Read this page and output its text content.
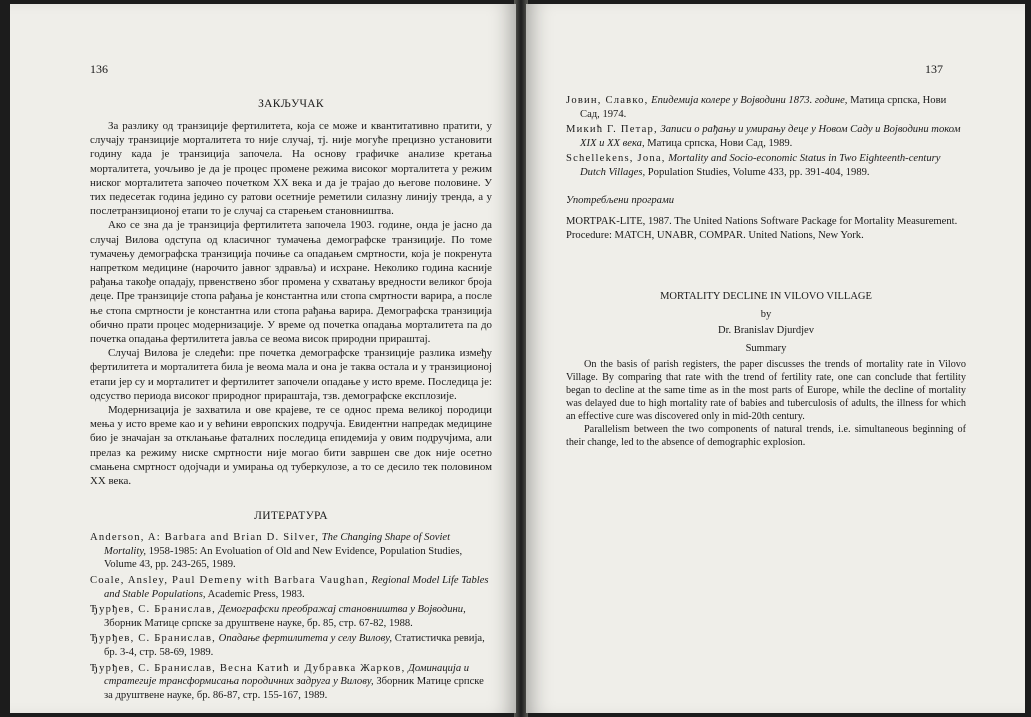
136
ЗАКЉУЧАК

За разлику од транзиције фертилитета, која се може и квантитативно пратити, у случају транзиције морталитета то није случај, тј. није могуће прецизно установити годину када је транзиција започела. На основу графичке анализе кретања морталитета, уочљиво је да је процес промене режима високог морталитета у режим ниског морталитета започео почетком XX века и да је трајао до његове половине. У тих педесетак година једино су ратови осетније реметили силазну линију тренда, а у послетранзиционој етапи то је случај са старењем становништва.

Ако се зна да је транзиција фертилитета започела 1903. године, онда је јасно да случај Вилова одступа од класичног тумачења демографске транзиције. По томе тумачењу демографска транзиција почиње са опадањем смртности, која је покренута напретком медицине (нарочито јавног здравља) и исхране. Неколико година касније рађања такође опадају, првенствено због промена у схватању вредности великог броја деце. Пре транзиције стопа рађања је константна или стопа смртности варира, а после ње стопа смртности је константна или стопа рађања варира. Демографска транзиција обично прати процес модернизације. У време од почетка опадања морталитета па до почетка опадања фертилитета јавља се веома висок природни прираштај.

Случај Вилова је следећи: пре почетка демографске транзиције разлика између фертилитета и морталитета била је веома мала и она је таква остала и у транзиционој етапи јер су и морталитет и фертилитет започели опадање у исто време. Последица је: одсуство периода високог природног прираштаја, тзв. демографске експлозије.

Модернизација је захватила и ове крајеве, те се однос према великој породици мења у исто време као и у већини европских подручја. Евидентни напредак медицине био је значајан за отклањање фаталних последица епидемија у овим подручјима, али прелаз ка режиму ниске смртности није могао бити завршен све док није осетно смањена смртност одојчади и умирања од туберкулозе, а то се десило тек половином XX века.

ЛИТЕРАТУРА
Anderson, A: Barbara and Brian D. Silver, The Changing Shape of Soviet Mortality, 1958-1985: An Evoluation of Old and New Evidence, Population Studies, Volume 43, pp. 243-265, 1989.
Coale, Ansley, Paul Demeny with Barbara Vaughan, Regional Model Life Tables and Stable Populations, Academic Press, 1983.
Ђурђев, С. Бранислав, Демографски преображај становништва у Војводини, Зборник Матице српске за друштвене науке, бр. 85, стр. 67-82, 1988.
Ђурђев, С. Бранислав, Опадање фертилитета у селу Вилову, Статистичка ревија, бр. 3-4, стр. 58-69, 1989.
Ђурђев, С. Бранислав, Весна Катић и Дубравка Жарков, Доминација и стратегије трансформисања породичних задруга у Вилову, Зборник Матице српске за друштвене науке, бр. 86-87, стр. 155-167, 1989.
137
Јовин, Славко, Епидемија колере у Војводини 1873. године, Матица српска, Нови Сад, 1974.
Микић Г. Петар, Записи о рађању и умирању деце у Новом Саду и Војводини током XIX и XX века, Матица српска, Нови Сад, 1989.
Schellekens, Jona, Mortality and Socio-economic Status in Two Eighteenth-century Dutch Villages, Population Studies, Volume 433, pp. 391-404, 1989.
Употребљени програми
MORTPAK-LITE, 1987. The United Nations Software Package for Mortality Measurement. Procedure: MATCH, UNABR, COMPAR. United Nations, New York.
MORTALITY DECLINE IN VILOVO VILLAGE
by
Dr. Branislav Djurdjev
Summary

On the basis of parish registers, the paper discusses the trends of mortality rate in Vilovo Village. By comparing that rate with the trend of fertility rate, one can conclude that fertility began to decline at the same time as in the most parts of Europe, while the decline of mortality was delayed due to high mortality rate of babies and tuberculosis of adults, the illness for which an effective cure was discovered only in mid-20th century.

Parallelism between the two components of natural trends, i.e. simultaneous beginning of their change, led to the absence of demographic explosion.
